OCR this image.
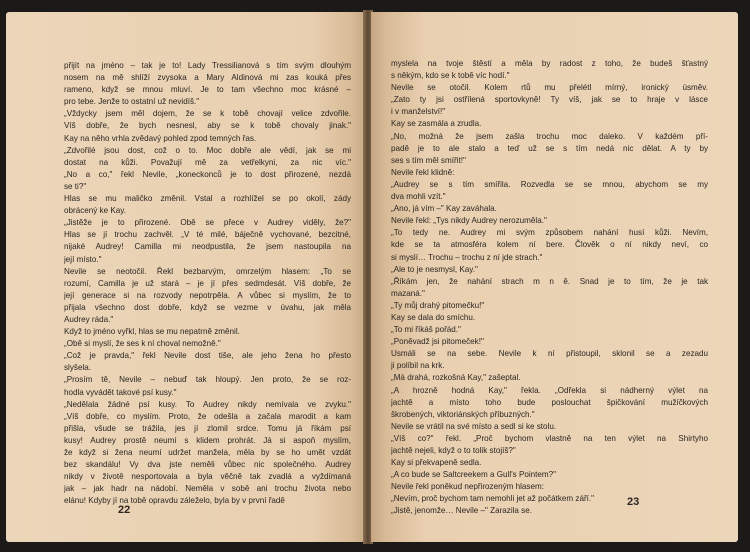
přijít na jméno – tak je to! Lady Tressilianová s tím svým dlouhým
nosem na mě shlíží zvysoka a Mary Aldinová mi zas kouká přes
rameno, když se mnou mluví. Je to tam všechno moc krásné –
pro tebe. Jenže to ostatní už nevidíš."
„Vždycky jsem měl dojem, že se k tobě chovají velice zdvořile.
Víš dobře, že bych nesnesl, aby se k tobě chovaly jinak."
Kay na něho vrhla zvědavý pohled zpod temných řas.
„Zdvořilé jsou dost, což o to. Moc dobře ale vědí, jak se mi
dostat na kůži. Považují mě za vetřelkyni, za nic víc."
„No a co," řekl Nevile, „koneckonců je to dost přirozené, nezdá
se ti?"
Hlas se mu maličko změnil. Vstal a rozhlížel se po okolí, zády
obrácený ke Kay.
„Jistěže je to přirozené. Obě se přece v Audrey viděly, že?"
Hlas se jí trochu zachvěl. „V té milé, báječně vychované, bezcitné,
nijaké Audrey! Camilla mi neodpustila, že jsem nastoupila na
její místo."
Nevile se neotočil. Řekl bezbarvým, omrzelým hlasem: „To se
rozumí, Camilla je už stará – je jí přes sedmdesát. Víš dobře, že
její generace si na rozvody nepotrpěla. A vůbec si myslím, že to
přijala všechno dost dobře, když se vezme v úvahu, jak měla
Audrey ráda."
Když to jméno vyřkl, hlas se mu nepatrně změnil.
„Obě si myslí, že ses k ní choval nemožně."
„Což je pravda," řekl Nevile dost tiše, ale jeho žena ho přesto
slyšela.
„Prosím tě, Nevile – nebuď tak hloupý. Jen proto, že se roz-
hodla vyvádět takové psí kusy."
„Nedělala žádné psí kusy. To Audrey nikdy nemívala ve zvyku."
„Víš dobře, co myslím. Proto, že odešla a začala marodit a kam
přišla, všude se trážila, jes jí zlomil srdce. Tomu já říkám psí
kusy! Audrey prostě neumí s klidem prohrát. Já si aspoň myslím,
že když si žena neumí udržet manžela, měla by se ho umět vzdát
bez skandálu! Vy dva jste neměli vůbec nic společného. Audrey
nikdy v životě nesportovala a byla věčně tak zvadlá a vyždímaná
jak – jak hadr na nádobí. Neměla v sobě ani trochu života nebo
elánu! Kdyby jí na tobě opravdu záleželo, byla by v první řadě
22
myslela na tvoje štěstí a měla by radost z toho, že budeš šťastný
s někým, kdo se k tobě víc hodí."
Nevile se otočil. Kolem rtů mu přelétl mírný, ironický úsměv.
„Zato ty jsi ostřílená sportovkyně! Ty víš, jak se to hraje v lásce
i v manželství!"
Kay se zasmála a zrudla.
„No, možná že jsem zašla trochu moc daleko. V každém pří-
padě je to ale stalo a teď už se s tím nedá nic dělat. A ty by
ses s tím měl smířit!"
Nevile řekl klidně:
„Audrey se s tím smířila. Rozvedla se se mnou, abychom se my
dva mohli vzít."
„Ano, já vím –" Kay zaváhala.
Nevile řekl: „Tys nikdy Audrey nerozuměla."
„To tedy ne. Audrey mi svým způsobem nahání husí kůži. Nevím,
kde se ta atmosféra kolem ní bere. Člověk o ní nikdy neví, co
si myslí… Trochu – trochu z ní jde strach."
„Ale to je nesmysl, Kay."
„Říkám jen, že nahání strach m n ě. Snad je to tím, že je tak
mazaná."
„Ty můj drahý pitomečku!"
Kay se dala do smíchu.
„To mi říkáš pořád."
„Poněvadž jsi pitomeček!"
Usmáli se na sebe. Nevile k ní přistoupil, sklonil se a zezadu
ji políbil na krk.
„Má drahá, rozkošná Kay," zašeptal.
„A hrozně hodná Kay," řekla. „Odřekla si nádherný výlet na
jachtě a místo toho bude poslouchat špičkování mužíčkových
škrobených, viktoriánských příbuzných."
Nevile se vrátil na své místo a sedl si ke stolu.
„Víš co?" řekl. „Proč bychom vlastně na ten výlet na Shirtyho
jachtě nejeli, když o to tolik stojíš?"
Kay si překvapeně sedla.
„A co bude se Saltcreekem a Gull's Pointem?"
Nevile řekl poněkud nepřirozeným hlasem:
„Nevím, proč bychom tam nemohli jet až počátkem září."
„Jistě, jenomže… Nevile –" Zarazila se.
23
